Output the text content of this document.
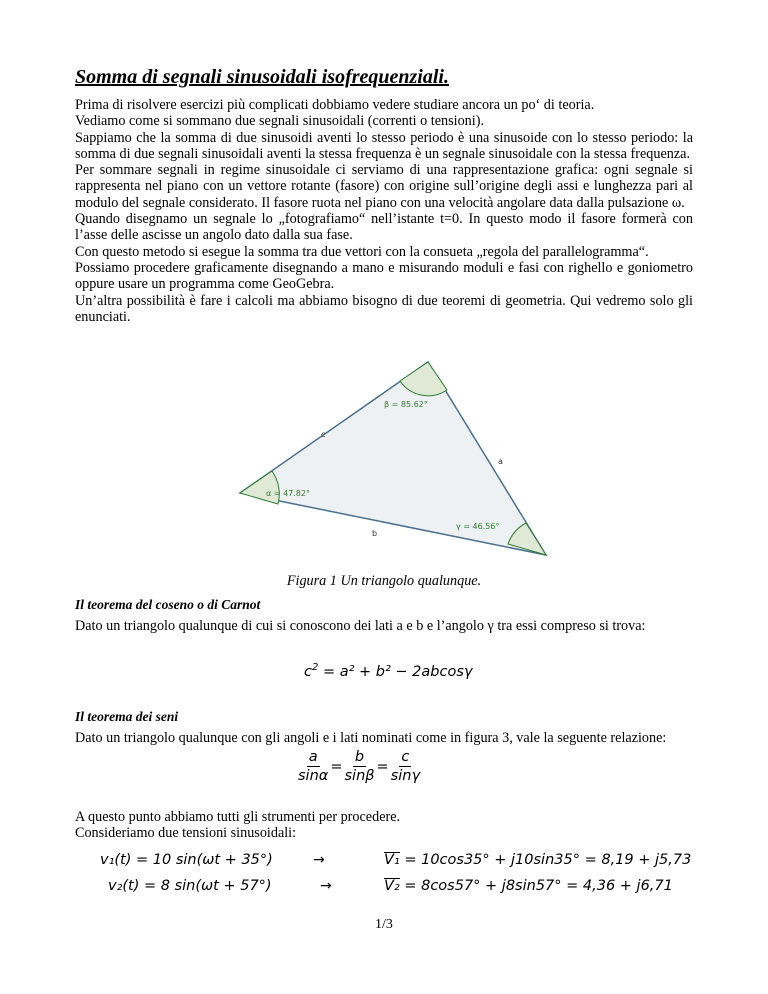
Somma di segnali sinusoidali isofrequenziali.

Prima di risolvere esercizi più complicati dobbiamo vedere studiare ancora un po‘ di teoria.

Vediamo come si sommano due segnali sinusoidali (correnti o tensioni).

Sappiamo che la somma di due sinusoidi aventi lo stesso periodo è una sinusoide con lo stesso periodo: la somma di due segnali sinusoidali aventi la stessa frequenza è un segnale sinusoidale con la stessa frequenza.

Per sommare segnali in regime sinusoidale ci serviamo di una rappresentazione grafica: ogni segnale si rappresenta nel piano con un vettore rotante (fasore) con origine sull’origine degli assi e lunghezza pari al modulo del segnale considerato. Il fasore ruota nel piano con una velocità angolare data dalla pulsazione ω.

Quando disegnamo un segnale lo „fotografiamo“ nell’istante t=0. In questo modo il fasore formerà con l’asse delle ascisse un angolo dato dalla sua fase.

Con questo metodo si esegue la somma tra due vettori con la consueta „regola del parallelogramma“.

Possiamo procedere graficamente disegnando a mano e misurando moduli e fasi con righello e goniometro oppure usare un programma come GeoGebra.

Un’altra possibilità è fare i calcoli ma abbiamo bisogno di due teoremi di geometria. Qui vedremo solo gli enunciati.

β = 85.62°
α = 47.82°
γ = 46.56°
c
a
b
Figura 1 Un triangolo qualunque.
Il teorema del coseno o di Carnot
Dato un triangolo qualunque di cui si conoscono dei lati a e b e l’angolo γ tra essi compreso si trova:
$c^2 = a^2 + b^2 - 2abcos\gamma$
Il teorema dei seni
Dato un triangolo qualunque con gli angoli e i lati nominati come in figura 3, vale la seguente relazione:
$\frac{a}{\sin\alpha} = \frac{b}{\sin\beta} = \frac{c}{\sin\gamma}$
A questo punto abbiamo tutti gli strumenti per procedere.
Consideriamo due tensioni sinusoidali:
v₁(t) = 10 sin(ωt + 35°)	→	V₁ = 10cos35° + j10sin35° = 8,19 + j5,73
v₂(t) = 8 sin(ωt + 57°)	→	V₂ = 8cos57° + j8sin57° = 4,36 + j6,71
1/3
